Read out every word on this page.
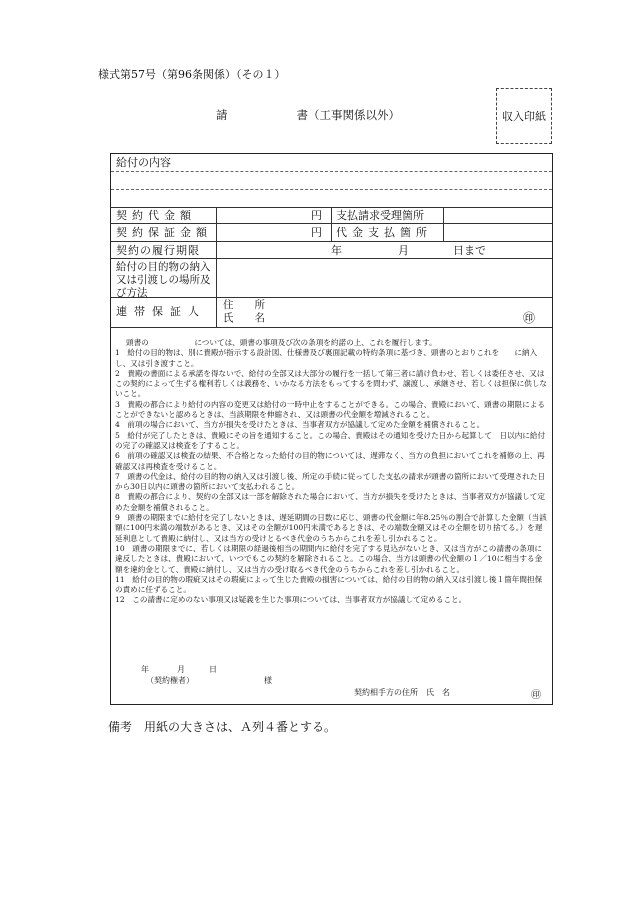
様式第57号（第96条関係）（その１）
請　　　　　　書（工事関係以外）	収入印紙
給付の内容
契約代金額	円 支払請求受理箇所
契約保証金額	円 代金支払箇所
契約の履行期限	年	月	日まで
給付の目的物の納入又は引渡しの場所及び方法
連帯保証人 住　　所
氏　　名	㊞

頭書の　　　　　　については、頭書の事項及び次の条項を約諾の上、これを履行します。

1　給付の目的物は、別に貴殿が指示する設計図、仕様書及び裏面記載の特約条項に基づき、頭書のとおりこれを　　に納入し、又は引き渡すこと。

2　貴殿の書面による承諾を得ないで、給付の全部又は大部分の履行を一括して第三者に請け負わせ、若しくは委任させ、又はこの契約によって生ずる権利若しくは義務を、いかなる方法をもってするを問わず、譲渡し、承継させ、若しくは担保に供しないこと。

3　貴殿の都合により給付の内容の変更又は給付の一時中止をすることができる。この場合、貴殿において、頭書の期限によることができないと認めるときは、当該期限を伸縮され、又は頭書の代金額を増減されること。

4　前項の場合において、当方が損失を受けたときは、当事者双方が協議して定めた金額を補償されること。

5　給付が完了したときは、貴殿にその旨を通知すること。この場合、貴殿はその通知を受けた日から起算して　日以内に給付の完了の確認又は検査を了すること。

6　前項の確認又は検査の結果、不合格となった給付の目的物については、遅滞なく、当方の負担においてこれを補修の上、再確認又は再検査を受けること。

7　頭書の代金は、給付の目的物の納入又は引渡し後、所定の手続に従ってした支払の請求が頭書の箇所において受理された日から30日以内に頭書の箇所において支払われること。

8　貴殿の都合により、契約の全部又は一部を解除された場合において、当方が損失を受けたときは、当事者双方が協議して定めた金額を補償されること。

9　頭書の期限までに給付を完了しないときは、遅延期間の日数に応じ、頭書の代金額に年8.25％の割合で計算した金額（当該額に100円未満の端数があるとき、又はその全額が100円未満であるときは、その端数金額又はその全額を切り捨てる。）を遅延利息として貴殿に納付し、又は当方の受けとるべき代金のうちからこれを差し引かれること。

10　頭書の期限までに、若しくは期限の経過後相当の期間内に給付を完了する見込がないとき、又は当方がこの請書の条項に違反したときは、貴殿において、いつでもこの契約を解除されること。この場合、当方は頭書の代金額の１／10に相当する金額を違約金として、貴殿に納付し、又は当方の受け取るべき代金のうちからこれを差し引かれること。

11　給付の目的物の瑕疵又はその瑕疵によって生じた貴殿の損害については、給付の目的物の納入又は引渡し後１箇年間担保の責めに任ずること。

12　この請書に定めのない事項又は疑義を生じた事項については、当事者双方が協議して定めること。

年	月	日
（契約権者）	様
契約相手方の住所　氏　名	㊞
備考　用紙の大きさは、Ａ列４番とする。
